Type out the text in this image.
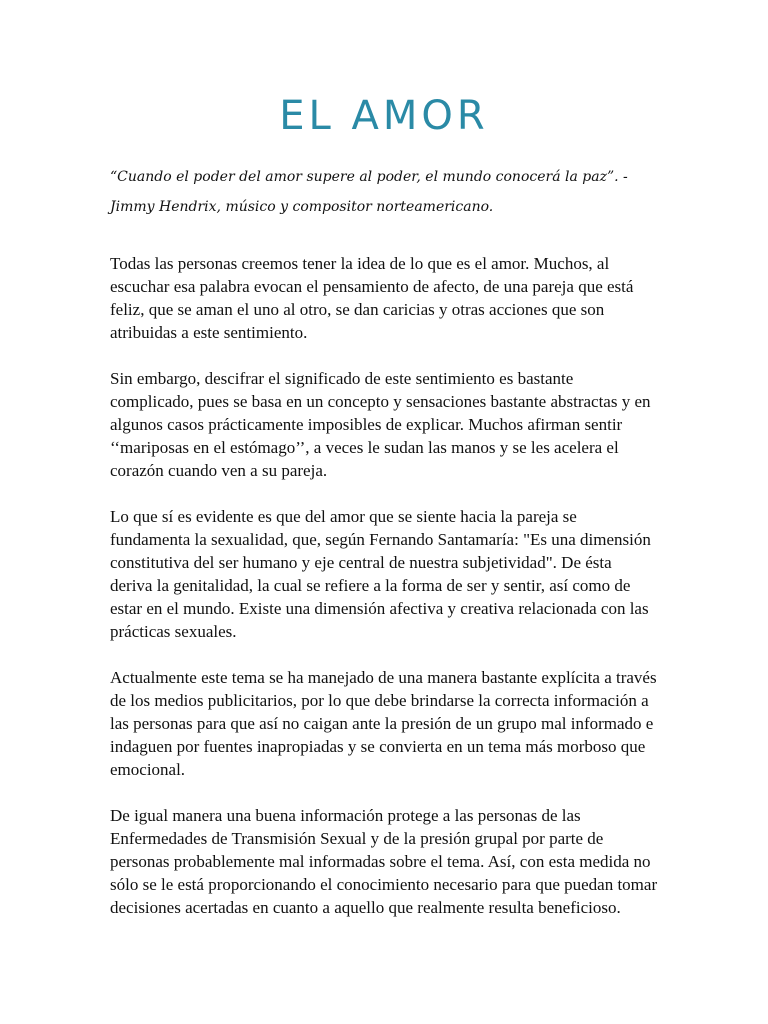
EL AMOR

“Cuando el poder del amor supere al poder, el mundo conocerá la paz”. -Jimmy Hendrix, músico y compositor norteamericano.

Todas las personas creemos tener la idea de lo que es el amor. Muchos, al escuchar esa palabra evocan el pensamiento de afecto, de una pareja que está feliz, que se aman el uno al otro, se dan caricias y otras acciones que son atribuidas a este sentimiento.

Sin embargo, descifrar el significado de este sentimiento es bastante complicado, pues se basa en un concepto y sensaciones bastante abstractas y en algunos casos prácticamente imposibles de explicar. Muchos afirman sentir ‘‘mariposas en el estómago’’, a veces le sudan las manos y se les acelera el corazón cuando ven a su pareja.

Lo que sí es evidente es que del amor que se siente hacia la pareja se fundamenta la sexualidad, que, según Fernando Santamaría: "Es una dimensión constitutiva del ser humano y eje central de nuestra subjetividad". De ésta deriva la genitalidad, la cual se refiere a la forma de ser y sentir, así como de estar en el mundo. Existe una dimensión afectiva y creativa relacionada con las prácticas sexuales.

Actualmente este tema se ha manejado de una manera bastante explícita a través de los medios publicitarios, por lo que debe brindarse la correcta información a las personas para que así no caigan ante la presión de un grupo mal informado e indaguen por fuentes inapropiadas y se convierta en un tema más morboso que emocional.

De igual manera una buena información protege a las personas de las Enfermedades de Transmisión Sexual y de la presión grupal por parte de personas probablemente mal informadas sobre el tema. Así, con esta medida no sólo se le está proporcionando el conocimiento necesario para que puedan tomar decisiones acertadas en cuanto a aquello que realmente resulta beneficioso.
